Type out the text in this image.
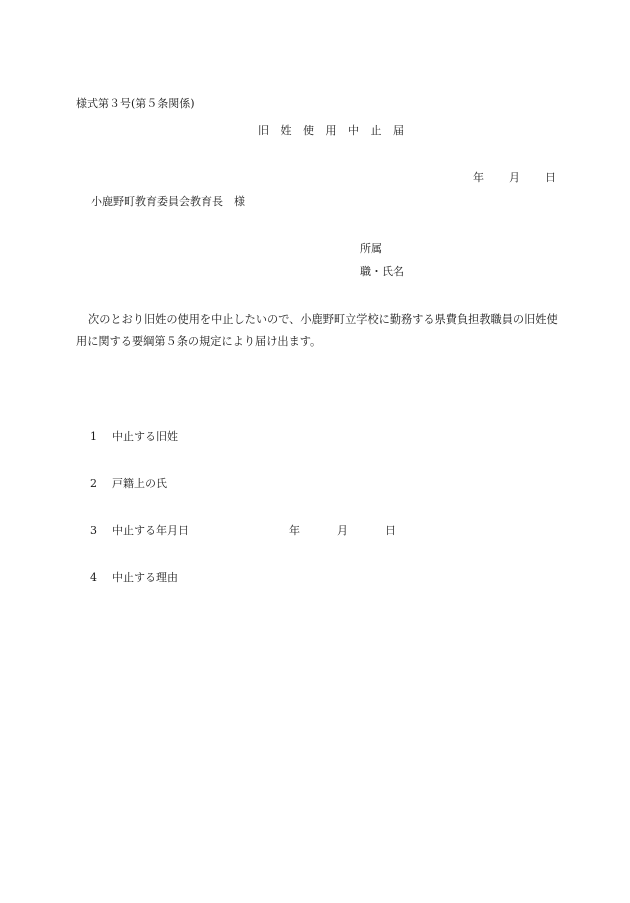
様式第３号(第５条関係)
旧 姓 使 用 中 止 届
年 月 日
小鹿野町教育委員会教育長　様
所属
職・氏名
次のとおり旧姓の使用を中止したいので、小鹿野町立学校に勤務する県費負担教職員の旧姓使用に関する要綱第５条の規定により届け出ます。
1 中止する旧姓
2 戸籍上の氏
3 中止する年月日	年	月	日
4 中止する理由
